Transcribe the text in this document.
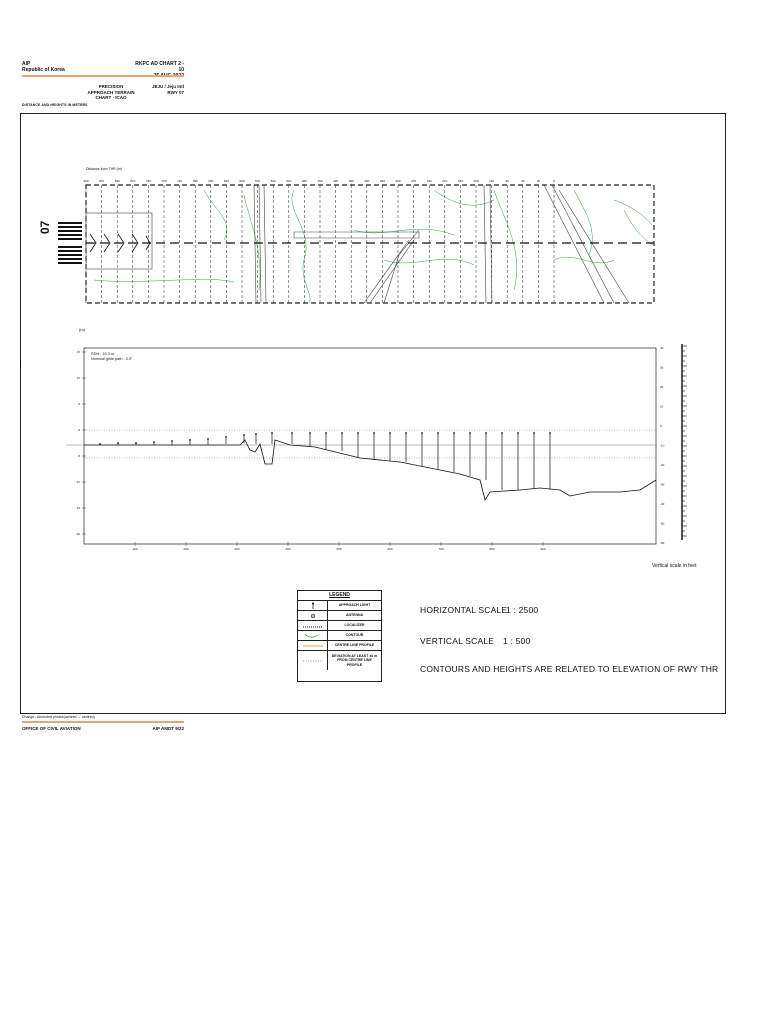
AIP
Republic of Korea
RKPC AD CHART 2 - 10
PRECISION APPROACH TERRAIN
CHART - ICAO
JEJU / Jeju Intl
RWY 07
DISTANCE AND HEIGHTS IN METERS
Distance from THR (m)
900	870	840	810	780	750	720	690	660	630	600	570	540	510	480	450	420	390	360	330	300	270	240	210	180	150	120	90	60	30	0
07
(m)
15
10
5
0
-5
-10
-15
-20
40
30
20
10
0
-10
-20
-30
-40
-50
-60
100	200	300	400	500	600	700	800	900
RDH : 15.3 m
Nominal glide path : 3.0°
Vertical scale in feet
LEGEND
APPROACH LIGHT
ANTENNA
LOCALIZER
CONTOUR
CENTRE LINE PROFILE
DEVIATION AT LEAST ±3 m FROM CENTRE LINE PROFILE
HORIZONTAL SCALE
1 : 2500
VERTICAL SCALE 1 : 500
CONTOURS AND HEIGHTS ARE RELATED TO ELEVATION OF RWY THR
Change : Amended phrase(centred → centred)
OFFICE OF CIVIL AVIATION	AIP AMDT 9/22
